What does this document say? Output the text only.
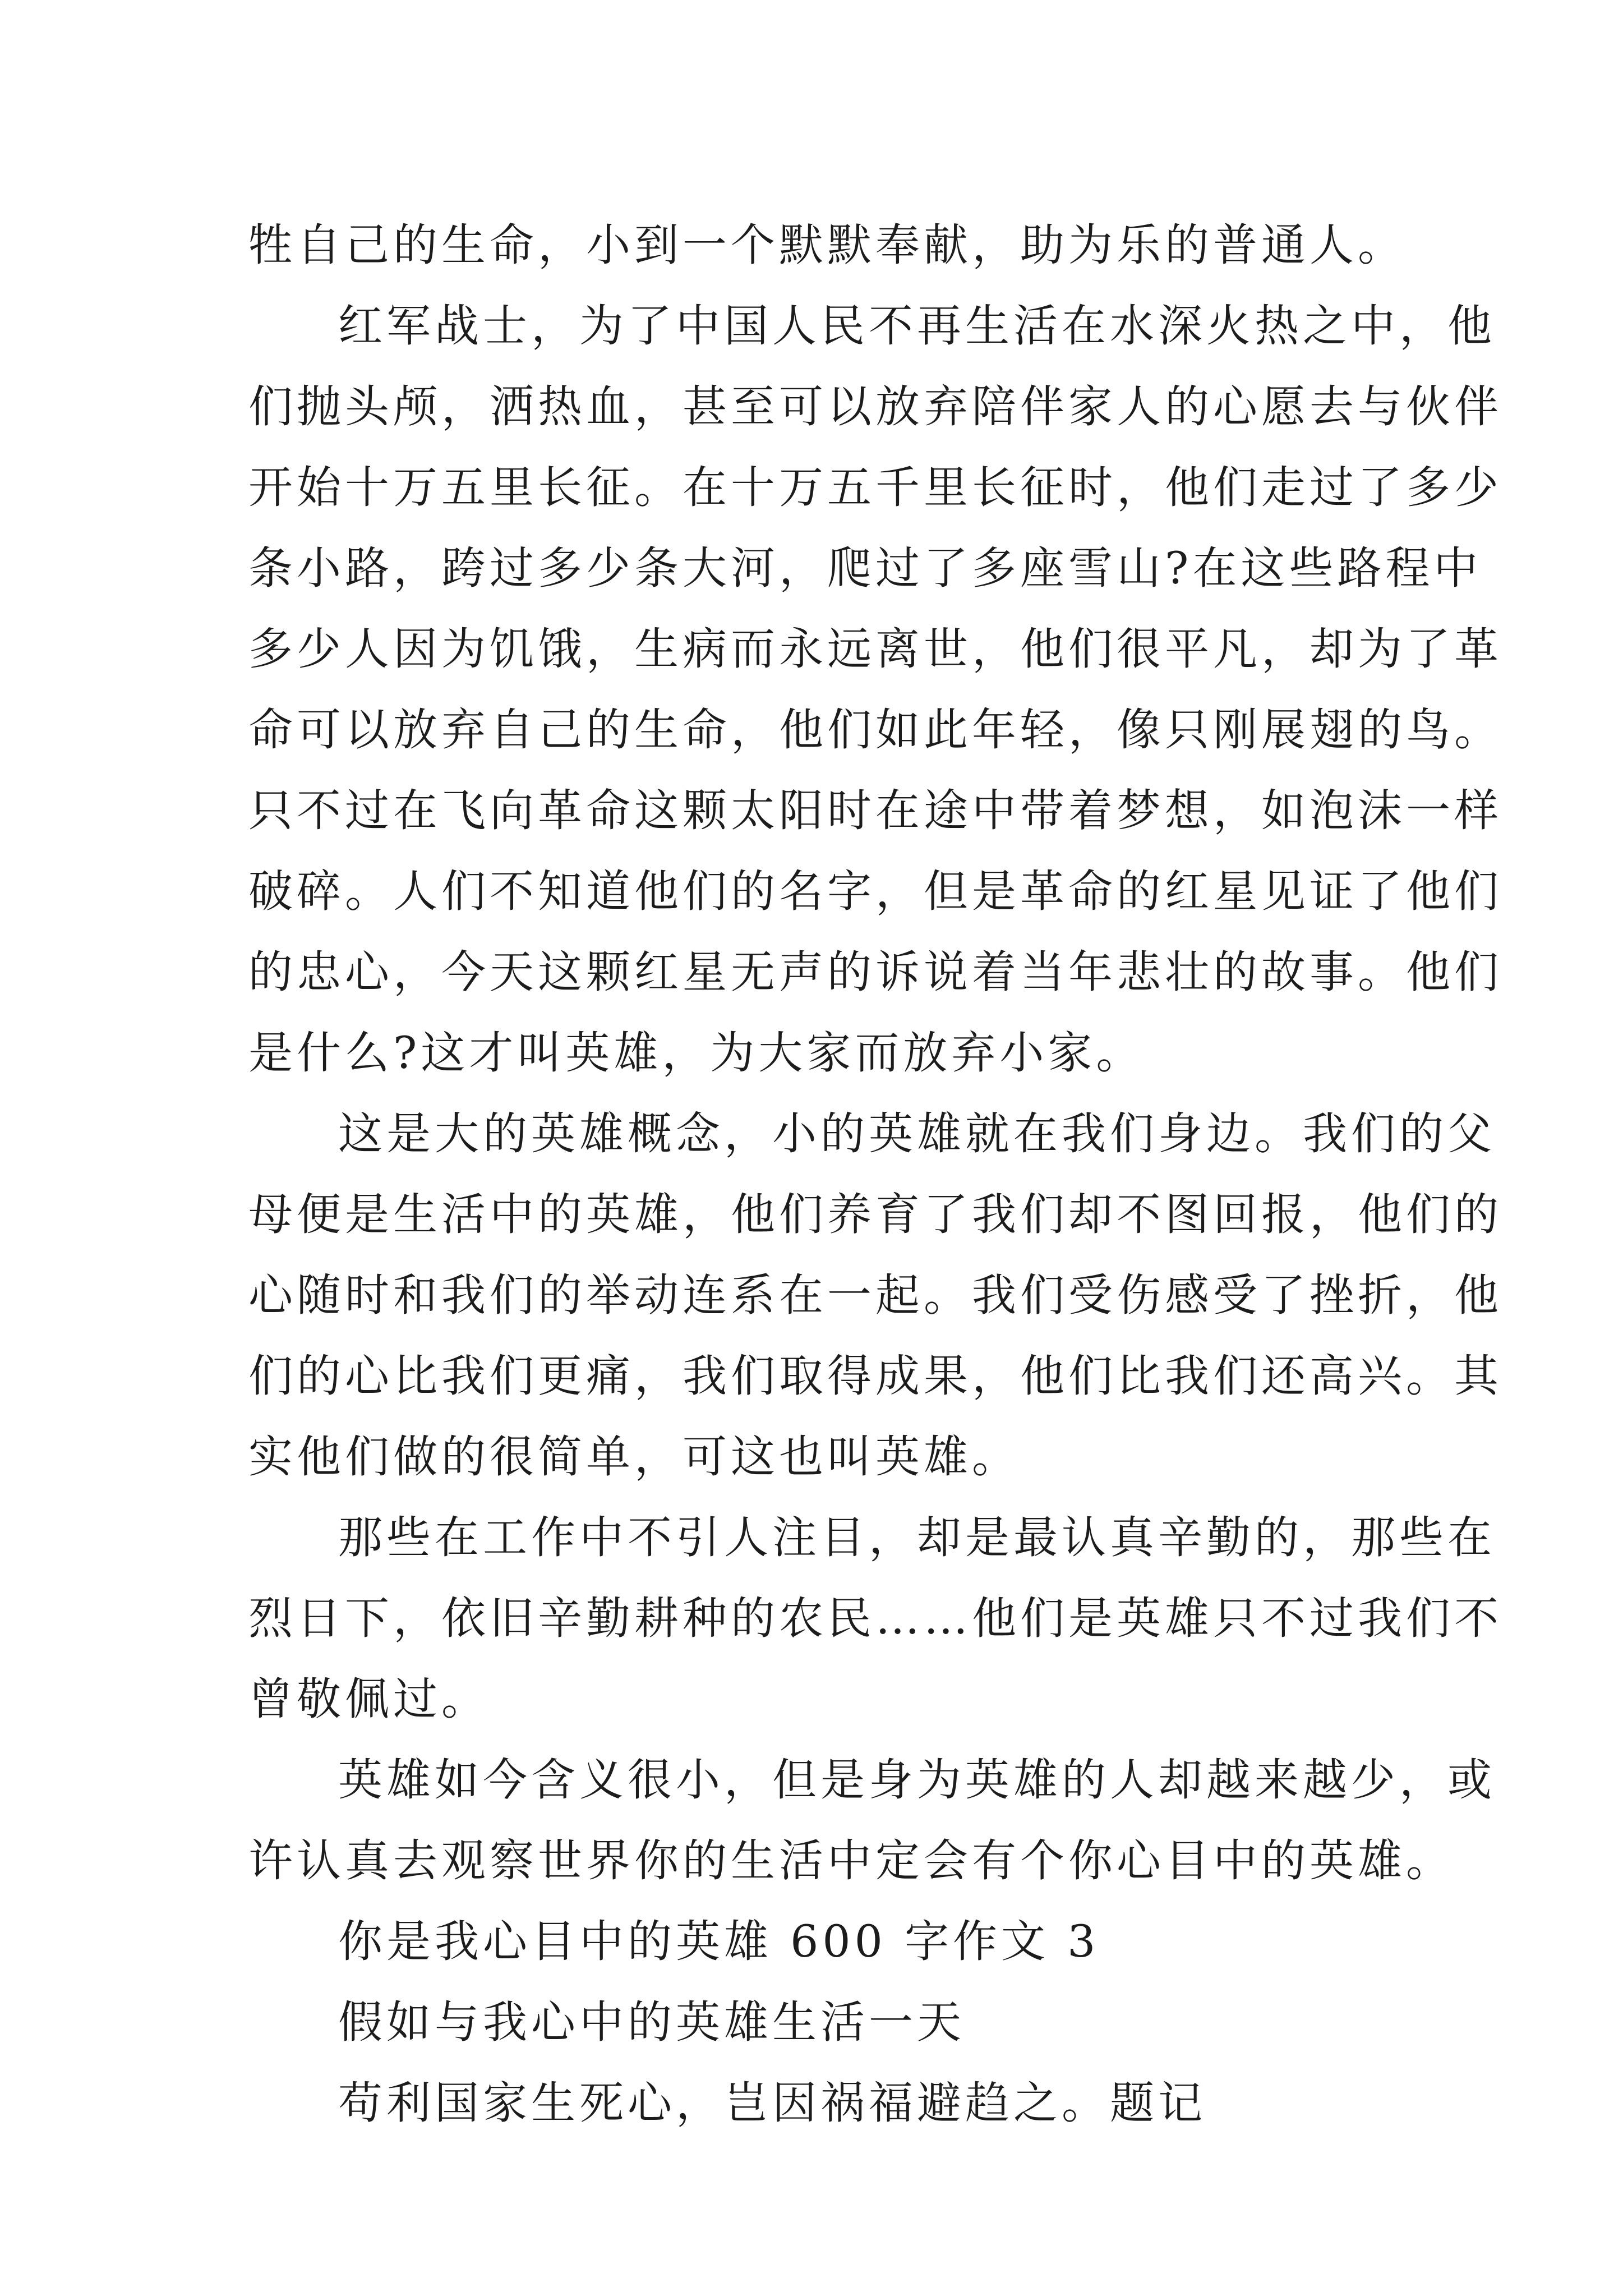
牲自己的生命，小到一个默默奉献，助为乐的普通人。
红军战士，为了中国人民不再生活在水深火热之中，他
们抛头颅，洒热血，甚至可以放弃陪伴家人的心愿去与伙伴
开始十万五里长征。在十万五千里长征时，他们走过了多少
条小路，跨过多少条大河，爬过了多座雪山?在这些路程中
多少人因为饥饿，生病而永远离世，他们很平凡，却为了革
命可以放弃自己的生命，他们如此年轻，像只刚展翅的鸟。
只不过在飞向革命这颗太阳时在途中带着梦想，如泡沫一样
破碎。人们不知道他们的名字，但是革命的红星见证了他们
的忠心，今天这颗红星无声的诉说着当年悲壮的故事。他们
是什么?这才叫英雄，为大家而放弃小家。
这是大的英雄概念，小的英雄就在我们身边。我们的父
母便是生活中的英雄，他们养育了我们却不图回报，他们的
心随时和我们的举动连系在一起。我们受伤感受了挫折，他
们的心比我们更痛，我们取得成果，他们比我们还高兴。其
实他们做的很简单，可这也叫英雄。
那些在工作中不引人注目，却是最认真辛勤的，那些在
烈日下，依旧辛勤耕种的农民……他们是英雄只不过我们不
曾敬佩过。
英雄如今含义很小，但是身为英雄的人却越来越少，或
许认真去观察世界你的生活中定会有个你心目中的英雄。
你是我心目中的英雄 600 字作文 3
假如与我心中的英雄生活一天
苟利国家生死心，岂因祸福避趋之。题记
